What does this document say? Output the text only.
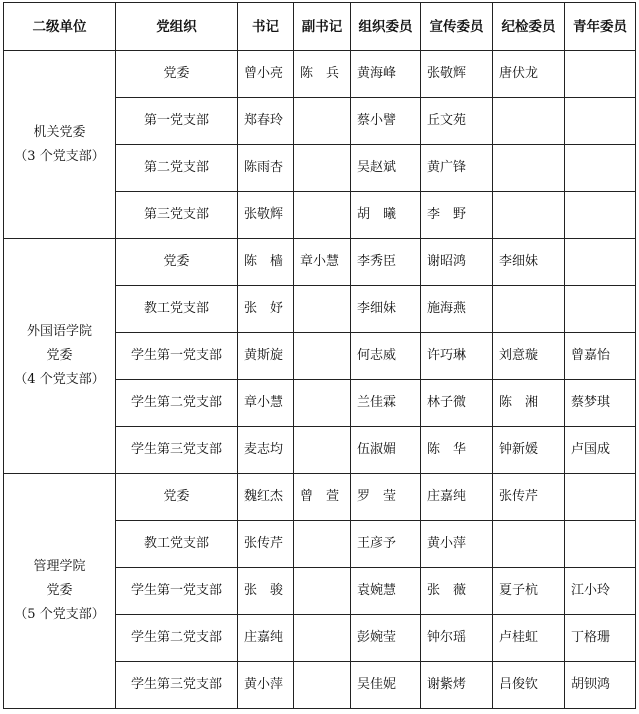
二级单位	党组织	书记	副书记	组织委员	宣传委员	纪检委员	青年委员

机关党委
（3 个党支部）	党委	曾小亮	陈　兵	黄海峰	张敬辉	唐伏龙	
	第一党支部	郑春玲		蔡小譬	丘文苑		
	第二党支部	陈雨杏		吴赵斌	黄广锋		
	第三党支部	张敬辉		胡　曦	李　野		

外国语学院
党委
（4 个党支部）	党委	陈　樯	章小慧	李秀臣	谢昭鸿	李细妹	
	教工党支部	张　妤		李细妹	施海燕		
	学生第一党支部	黄斯旋		何志威	许巧琳	刘意璇	曾嘉怡
	学生第二党支部	章小慧		兰佳霖	林子微	陈　湘	蔡梦琪
	学生第三党支部	麦志均		伍淑媚	陈　华	钟新媛	卢国成

管理学院
党委
（5 个党支部）	党委	魏红杰	曾　萱	罗　莹	庄嘉纯	张传芹	
	教工党支部	张传芹		王彦予	黄小萍		
	学生第一党支部	张　骏		袁婉慧	张　薇	夏子杭	江小玲
	学生第二党支部	庄嘉纯		彭婉莹	钟尔瑶	卢桂虹	丁格珊
	学生第三党支部	黄小萍		吴佳妮	谢紫烤	吕俊钦	胡钡鸿
